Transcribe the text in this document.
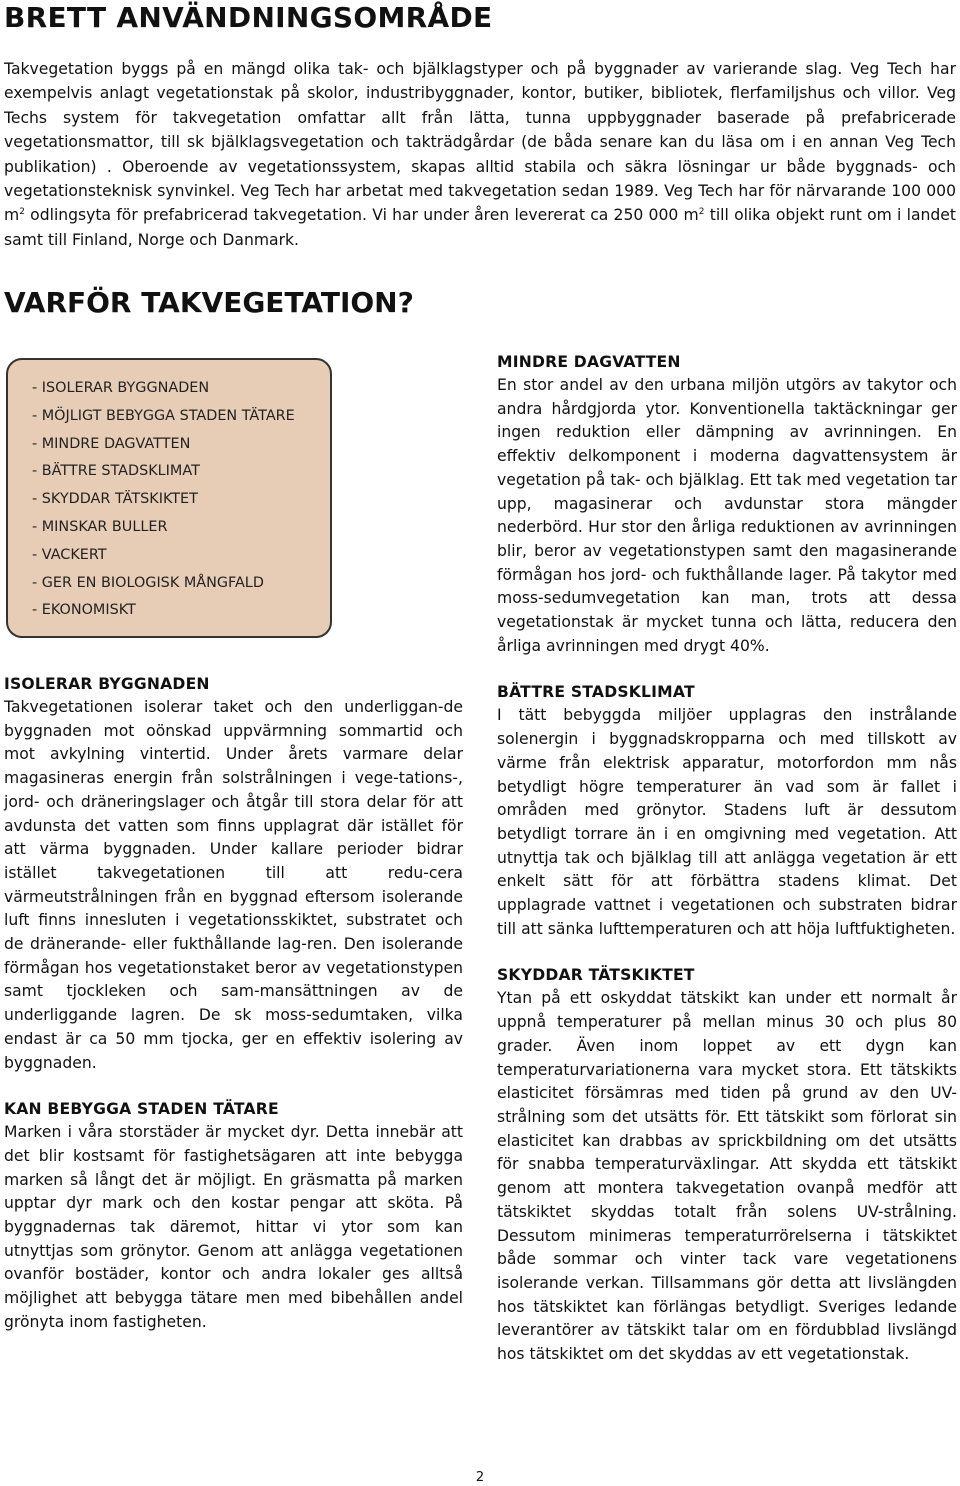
BRETT ANVÄNDNINGSOMRÅDE

Takvegetation byggs på en mängd olika tak- och bjälklagstyper och på byggnader av varierande slag. Veg Tech har exempelvis anlagt vegetationstak på skolor, industribyggnader, kontor, butiker, bibliotek, flerfamiljshus och villor. Veg Techs system för takvegetation omfattar allt från lätta, tunna uppbyggnader baserade på prefabricerade vegetationsmattor, till sk bjälklagsvegetation och takträdgårdar (de båda senare kan du läsa om i en annan Veg Tech publikation) . Oberoende av vegetationssystem, skapas alltid stabila och säkra lösningar ur både byggnads- och vegetationsteknisk synvinkel. Veg Tech har arbetat med takvegetation sedan 1989. Veg Tech har för närvarande 100 000 $m^2$ odlingsyta för prefabricerad takvegetation. Vi har under åren levererat ca 250 000 $m^2$ till olika objekt runt om i landet samt till Finland, Norge och Danmark.

VARFÖR TAKVEGETATION?
- ISOLERAR BYGGNADEN
- MÖJLIGT BEBYGGA STADEN TÄTARE
- MINDRE DAGVATTEN
- BÄTTRE STADSKLIMAT
- SKYDDAR TÄTSKIKTET
- MINSKAR BULLER
- VACKERT
- GER EN BIOLOGISK MÅNGFALD
- EKONOMISKT
ISOLERAR BYGGNADEN

Takvegetationen isolerar taket och den underliggan-de byggnaden mot oönskad uppvärmning sommartid och mot avkylning vintertid. Under årets varmare delar magasineras energin från solstrålningen i vege-tations-, jord- och dräneringslager och åtgår till stora delar för att avdunsta det vatten som finns upplagrat där istället för att värma byggnaden. Under kallare perioder bidrar istället takvegetationen till att redu-cera värmeutstrålningen från en byggnad eftersom isolerande luft finns innesluten i vegetationsskiktet, substratet och de dränerande- eller fukthållande lag-ren. Den isolerande förmågan hos vegetationstaket beror av vegetationstypen samt tjockleken och sam-mansättningen av de underliggande lagren. De sk moss-sedumtaken, vilka endast är ca 50 mm tjocka, ger en effektiv isolering av byggnaden.

KAN BEBYGGA STADEN TÄTARE

Marken i våra storstäder är mycket dyr. Detta innebär att det blir kostsamt för fastighetsägaren att inte bebygga marken så långt det är möjligt. En gräsmatta på marken upptar dyr mark och den kostar pengar att sköta. På byggnadernas tak däremot, hittar vi ytor som kan utnyttjas som grönytor. Genom att anlägga vegetationen ovanför bostäder, kontor och andra lokaler ges alltså möjlighet att bebygga tätare men med bibehållen andel grönyta inom fastigheten.

MINDRE DAGVATTEN

En stor andel av den urbana miljön utgörs av takytor och andra hårdgjorda ytor. Konventionella taktäckningar ger ingen reduktion eller dämpning av avrinningen. En effektiv delkomponent i moderna dagvattensystem är vegetation på tak- och bjälklag. Ett tak med vegetation tar upp, magasinerar och avdunstar stora mängder nederbörd. Hur stor den årliga reduktionen av avrinningen blir, beror av vegetationstypen samt den magasinerande förmågan hos jord- och fukthållande lager. På takytor med moss-sedumvegetation kan man, trots att dessa vegetationstak är mycket tunna och lätta, reducera den årliga avrinningen med drygt 40%.

BÄTTRE STADSKLIMAT

I tätt bebyggda miljöer upplagras den instrålande solenergin i byggnadskropparna och med tillskott av värme från elektrisk apparatur, motorfordon mm nås betydligt högre temperaturer än vad som är fallet i områden med grönytor. Stadens luft är dessutom betydligt torrare än i en omgivning med vegetation. Att utnyttja tak och bjälklag till att anlägga vegetation är ett enkelt sätt för att förbättra stadens klimat. Det upplagrade vattnet i vegetationen och substraten bidrar till att sänka lufttemperaturen och att höja luftfuktigheten.

SKYDDAR TÄTSKIKTET

Ytan på ett oskyddat tätskikt kan under ett normalt år uppnå temperaturer på mellan minus 30 och plus 80 grader. Även inom loppet av ett dygn kan temperaturvariationerna vara mycket stora. Ett tätskikts elasticitet försämras med tiden på grund av den UV-strålning som det utsätts för. Ett tätskikt som förlorat sin elasticitet kan drabbas av sprickbildning om det utsätts för snabba temperaturväxlingar. Att skydda ett tätskikt genom att montera takvegetation ovanpå medför att tätskiktet skyddas totalt från solens UV-strålning. Dessutom minimeras temperaturrörelserna i tätskiktet både sommar och vinter tack vare vegetationens isolerande verkan. Tillsammans gör detta att livslängden hos tätskiktet kan förlängas betydligt. Sveriges ledande leverantörer av tätskikt talar om en fördubblad livslängd hos tätskiktet om det skyddas av ett vegetationstak.

2
